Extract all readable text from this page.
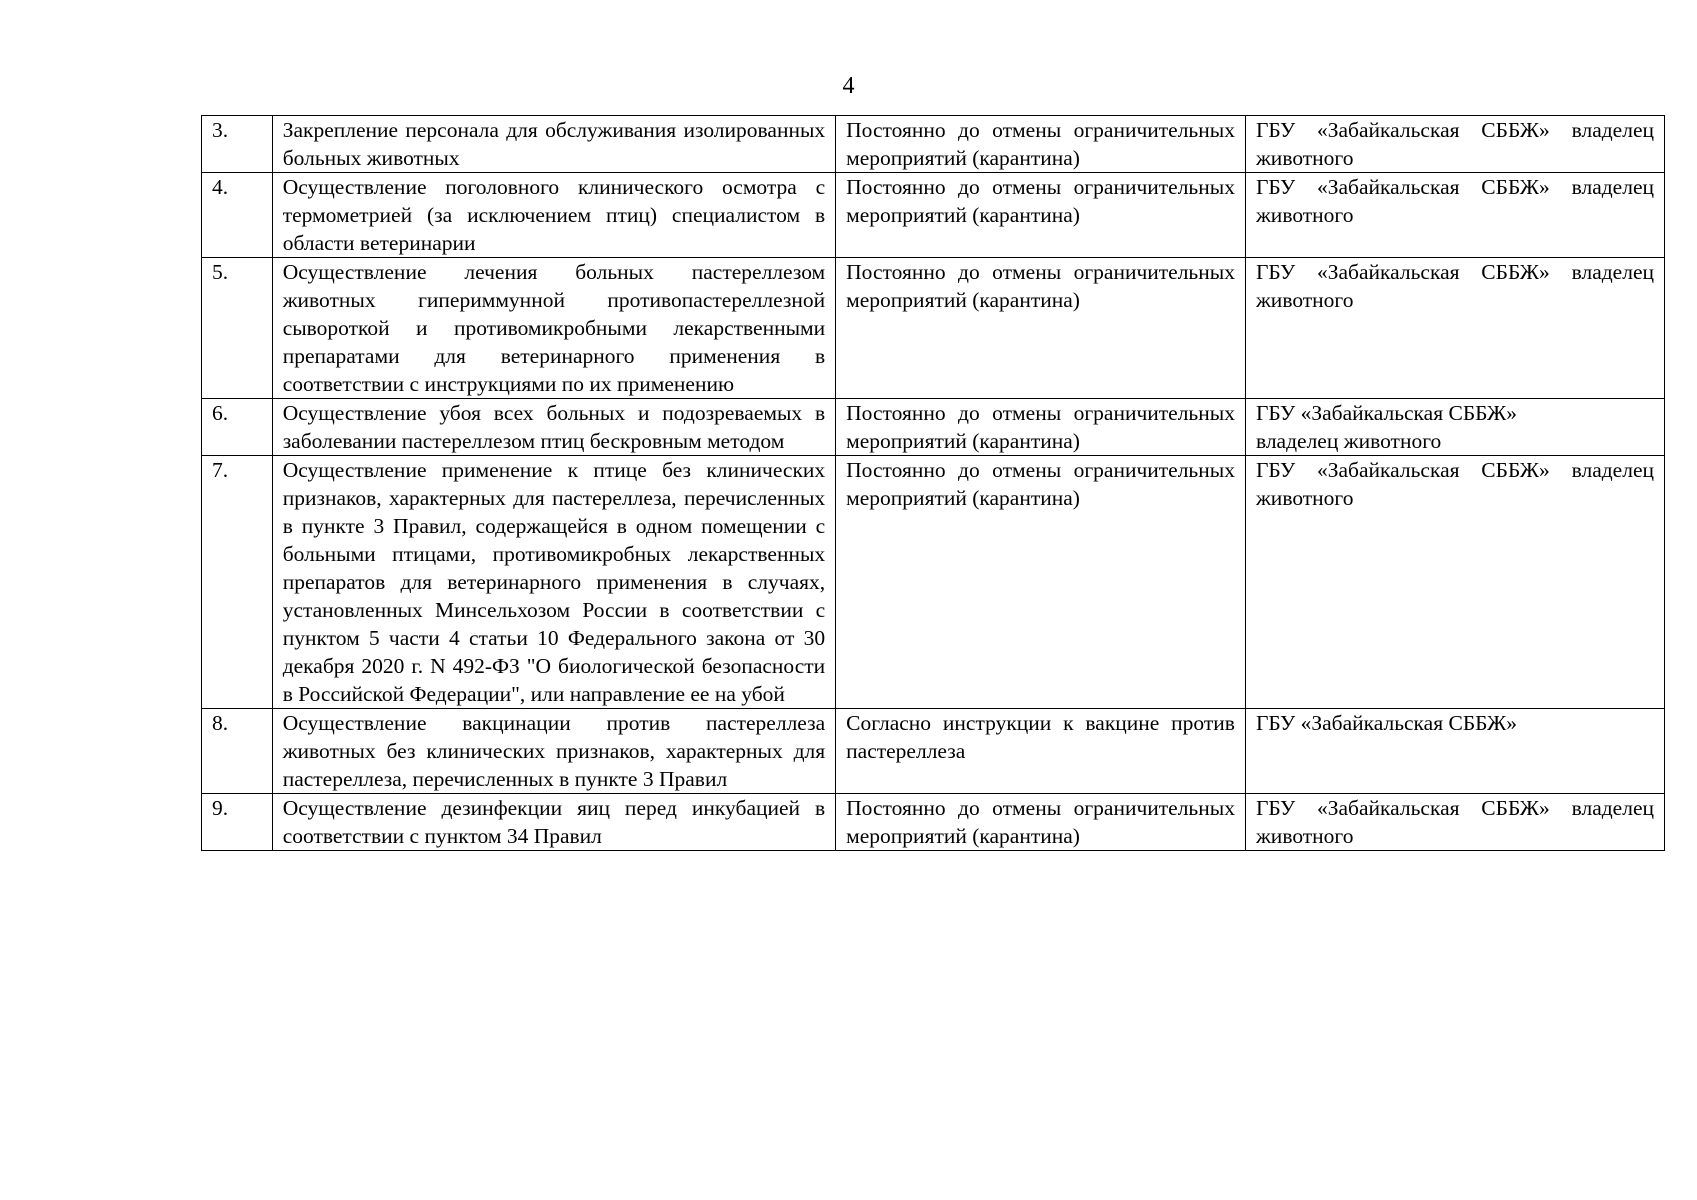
4
3.	Закрепление персонала для обслуживания изолированных больных животных	Постоянно до отмены ограничительных мероприятий (карантина)	ГБУ «Забайкальская СББЖ» владелец животного

4.	Осуществление поголовного клинического осмотра с термометрией (за исключением птиц) специалистом в области ветеринарии	Постоянно до отмены ограничительных мероприятий (карантина)	ГБУ «Забайкальская СББЖ» владелец животного

5.	Осуществление лечения больных пастереллезом животных гипериммунной противопастереллезной сывороткой и противомикробными лекарственными препаратами для ветеринарного применения в соответствии с инструкциями по их применению	Постоянно до отмены ограничительных мероприятий (карантина)	ГБУ «Забайкальская СББЖ» владелец животного

6.	Осуществление убоя всех больных и подозреваемых в заболевании пастереллезом птиц бескровным методом	Постоянно до отмены ограничительных мероприятий (карантина)	ГБУ «Забайкальская СББЖ»
владелец животного

7.	Осуществление применение к птице без клинических признаков, характерных для пастереллеза, перечисленных в пункте 3 Правил, содержащейся в одном помещении с больными птицами, противомикробных лекарственных препаратов для ветеринарного применения в случаях, установленных Минсельхозом России в соответствии с пунктом 5 части 4 статьи 10 Федерального закона от 30 декабря 2020 г. N 492-ФЗ "О биологической безопасности в Российской Федерации", или направление ее на убой	Постоянно до отмены ограничительных мероприятий (карантина)	ГБУ «Забайкальская СББЖ» владелец животного

8.	Осуществление вакцинации против пастереллеза животных без клинических признаков, характерных для пастереллеза, перечисленных в пункте 3 Правил	Согласно инструкции к вакцине против пастереллеза	ГБУ «Забайкальская СББЖ»

9.	Осуществление дезинфекции яиц перед инкубацией в соответствии с пунктом 34 Правил	Постоянно до отмены ограничительных мероприятий (карантина)	ГБУ «Забайкальская СББЖ» владелец животного
